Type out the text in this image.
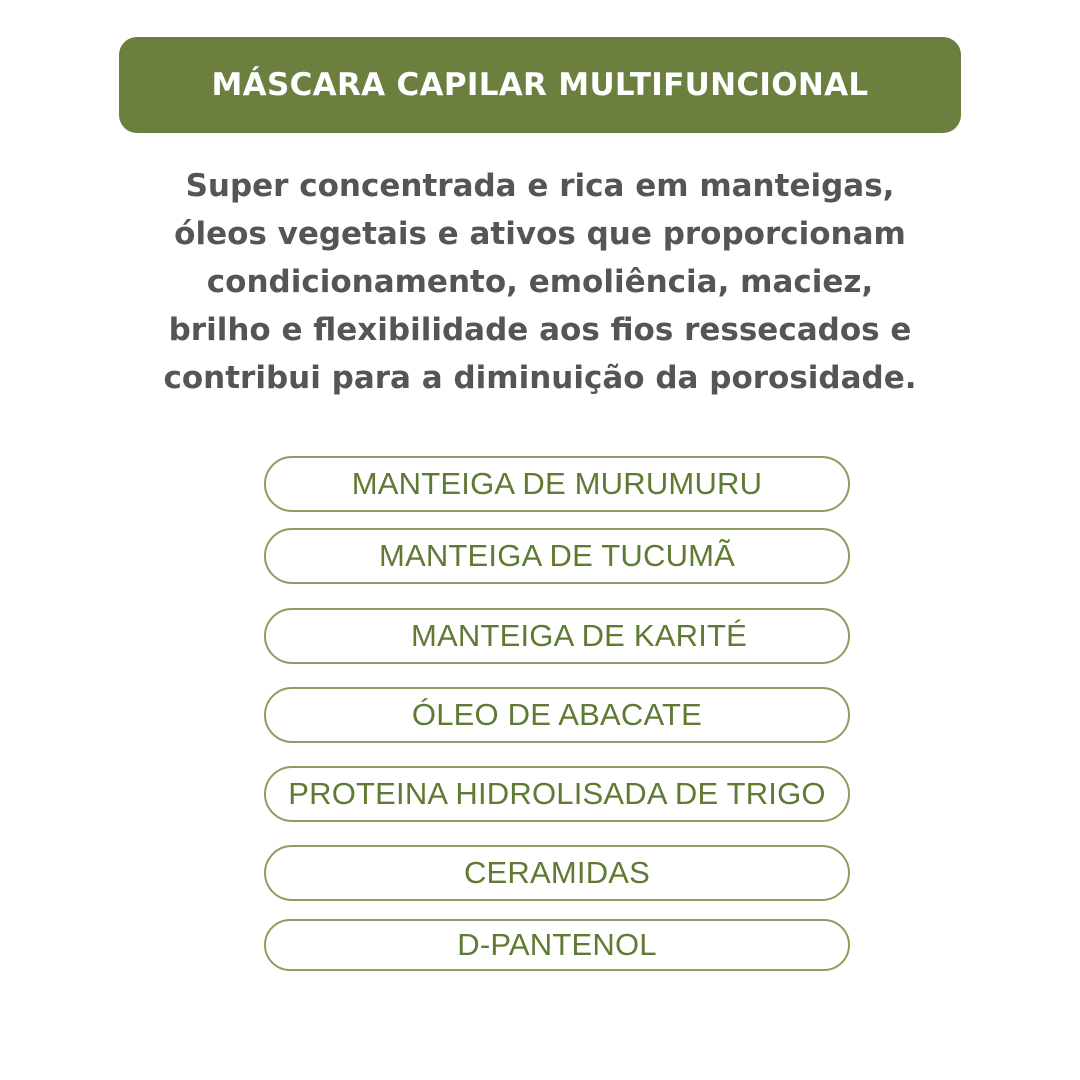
MÁSCARA CAPILAR MULTIFUNCIONAL
Super concentrada e rica em manteigas,
óleos vegetais e ativos que proporcionam
condicionamento, emoliência, maciez,
brilho e flexibilidade aos fios ressecados e
contribui para a diminuição da porosidade.
MANTEIGA DE MURUMURU
MANTEIGA DE TUCUMÃ
MANTEIGA DE KARITÉ
ÓLEO DE ABACATE
PROTEINA HIDROLISADA DE TRIGO
CERAMIDAS
D-PANTENOL
